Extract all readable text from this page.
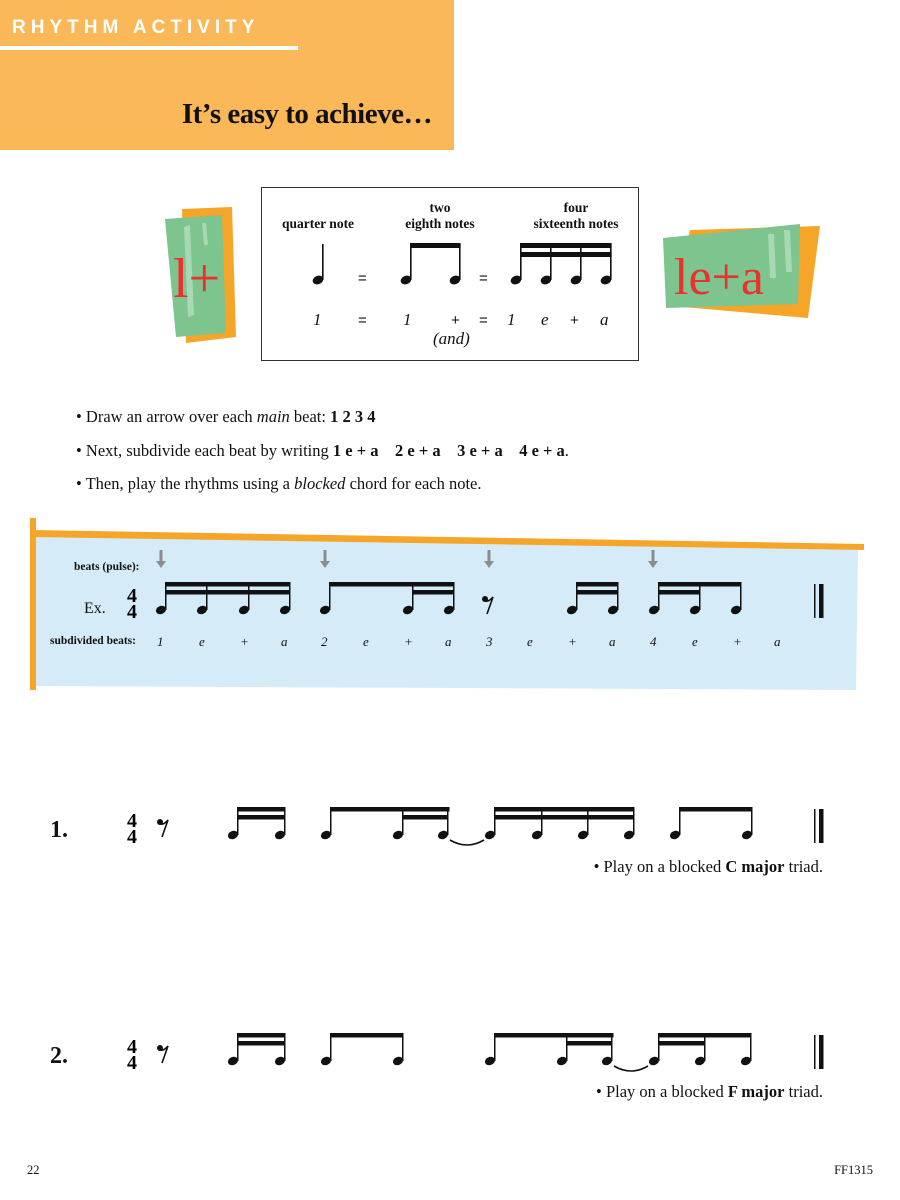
RHYTHM ACTIVITY
It’s easy to achieve…
l+	le+a
quarter note
two
eighth notes
four
sixteenth notes
=	=
1 = 1	+ = 1 e + a
(and)
• Draw an arrow over each main beat: 1 2 3 4
• Next, subdivide each beat by writing 1 e + a    2 e + a    3 e + a    4 e + a.
• Then, play the rhythms using a blocked chord for each note.
beats (pulse):
Ex.
subdivided beats:
4
4
1	e	+ a	2	e	+ a	3	e	+ a	4	e	+ a
1.	4
4
• Play on a blocked C major triad.
2.	4
4
• Play on a blocked F major triad.
22	FF1315
